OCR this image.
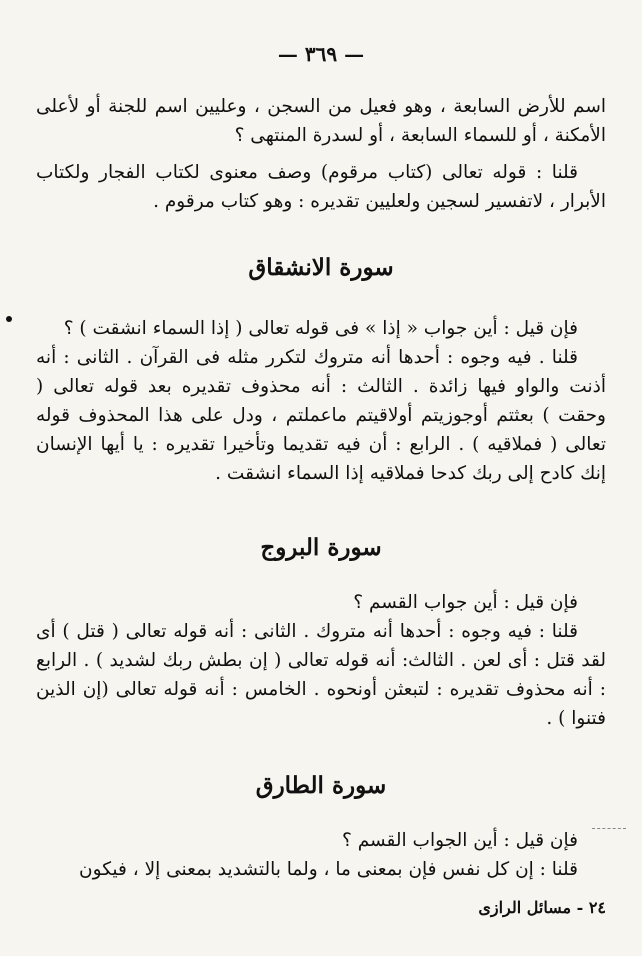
— ٣٦٩ —

اسم للأرض السابعة ، وهو فعيل من السجن ، وعليين اسم للجنة أو لأعلى الأمكنة ، أو للسماء السابعة ، أو لسدرة المنتهى ؟

قلنا : قوله تعالى (كتاب مرقوم) وصف معنوى لكتاب الفجار ولكتاب الأبرار ، لاتفسير لسجين ولعليين تقديره : وهو كتاب مرقوم .

سورة الانشقاق

فإن قيل : أين جواب « إذا » فى قوله تعالى ( إذا السماء انشقت ) ؟

قلنا . فيه وجوه : أحدها أنه متروك لتكرر مثله فى القرآن . الثانى : أنه أذنت والواو فيها زائدة . الثالث : أنه محذوف تقديره بعد قوله تعالى ( وحقت ) بعثتم أوجوزيتم أولاقيتم ماعملتم ، ودل على هذا المحذوف قوله تعالى ( فملاقيه ) . الرابع : أن فيه تقديما وتأخيرا تقديره : يا أيها الإنسان إنك كادح إلى ربك كدحا فملاقيه إذا السماء انشقت .

سورة البروج

فإن قيل : أين جواب القسم ؟

قلنا : فيه وجوه : أحدها أنه متروك . الثانى : أنه قوله تعالى ( قتل ) أى لقد قتل : أى لعن . الثالث: أنه قوله تعالى ( إن بطش ربك لشديد ) . الرابع : أنه محذوف تقديره : لتبعثن أونحوه . الخامس : أنه قوله تعالى (إن الذين فتنوا ) .

سورة الطارق

فإن قيل : أين الجواب القسم ؟

قلنا : إن كل نفس فإن بمعنى ما ، ولما بالتشديد بمعنى إلا ، فيكون

٢٤ - مسائل الرازى
